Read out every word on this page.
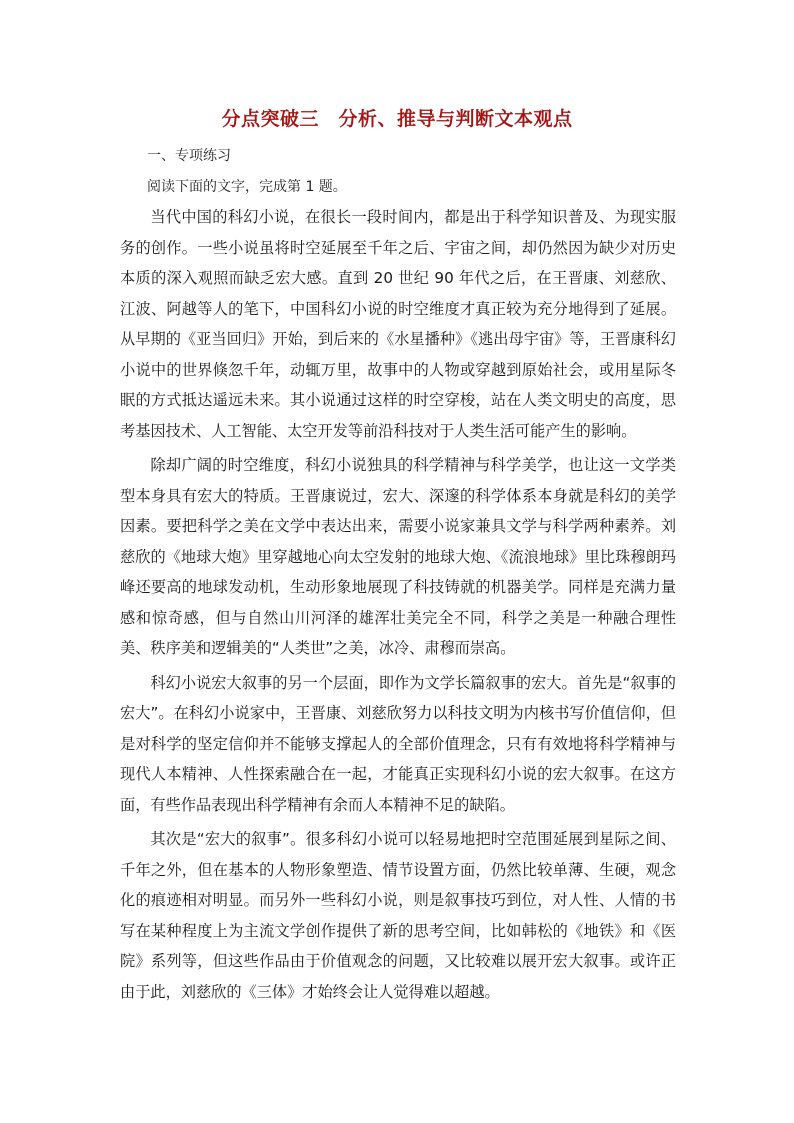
分点突破三　分析、推导与判断文本观点
一、专项练习
阅读下面的文字，完成第 1 题。

当代中国的科幻小说，在很长一段时间内，都是出于科学知识普及、为现实服务的创作。一些小说虽将时空延展至千年之后、宇宙之间，却仍然因为缺少对历史本质的深入观照而缺乏宏大感。直到 20 世纪 90 年代之后，在王晋康、刘慈欣、江波、阿越等人的笔下，中国科幻小说的时空维度才真正较为充分地得到了延展。从早期的《亚当回归》开始，到后来的《水星播种》《逃出母宇宙》等，王晋康科幻小说中的世界倏忽千年，动辄万里，故事中的人物或穿越到原始社会，或用星际冬眠的方式抵达遥远未来。其小说通过这样的时空穿梭，站在人类文明史的高度，思考基因技术、人工智能、太空开发等前沿科技对于人类生活可能产生的影响。

除却广阔的时空维度，科幻小说独具的科学精神与科学美学，也让这一文学类型本身具有宏大的特质。王晋康说过，宏大、深邃的科学体系本身就是科幻的美学因素。要把科学之美在文学中表达出来，需要小说家兼具文学与科学两种素养。刘慈欣的《地球大炮》里穿越地心向太空发射的地球大炮、《流浪地球》里比珠穆朗玛峰还要高的地球发动机，生动形象地展现了科技铸就的机器美学。同样是充满力量感和惊奇感，但与自然山川河泽的雄浑壮美完全不同，科学之美是一种融合理性美、秩序美和逻辑美的“人类世”之美，冰冷、肃穆而崇高。

科幻小说宏大叙事的另一个层面，即作为文学长篇叙事的宏大。首先是“叙事的宏大”。在科幻小说家中，王晋康、刘慈欣努力以科技文明为内核书写价值信仰，但是对科学的坚定信仰并不能够支撑起人的全部价值理念，只有有效地将科学精神与现代人本精神、人性探索融合在一起，才能真正实现科幻小说的宏大叙事。在这方面，有些作品表现出科学精神有余而人本精神不足的缺陷。

其次是“宏大的叙事”。很多科幻小说可以轻易地把时空范围延展到星际之间、千年之外，但在基本的人物形象塑造、情节设置方面，仍然比较单薄、生硬，观念化的痕迹相对明显。而另外一些科幻小说，则是叙事技巧到位，对人性、人情的书写在某种程度上为主流文学创作提供了新的思考空间，比如韩松的《地铁》和《医院》系列等，但这些作品由于价值观念的问题，又比较难以展开宏大叙事。或许正由于此，刘慈欣的《三体》才始终会让人觉得难以超越。
